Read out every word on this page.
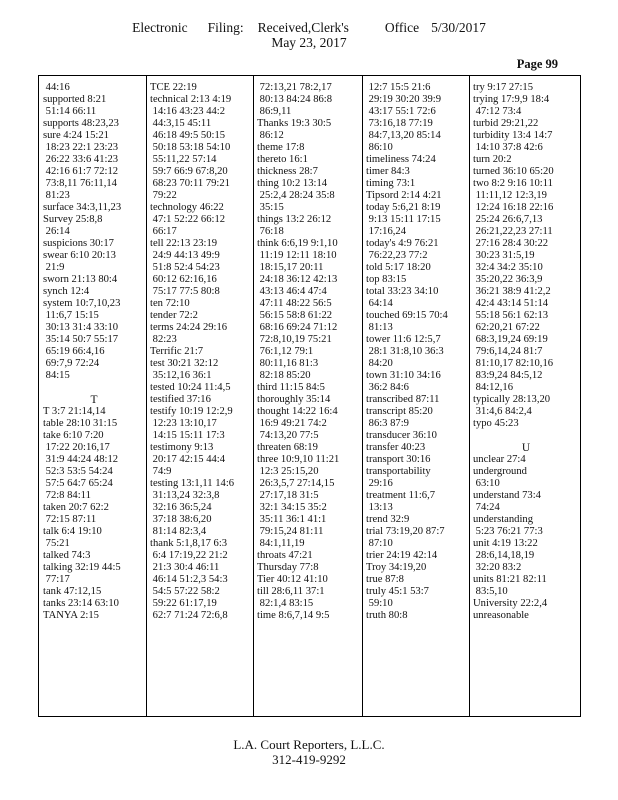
Electronic Filing: Received,Clerk's	Office 5/30/2017
May 23, 2017
Page 99
44:16
supported 8:21
51:14 66:11
supports 48:23,23
sure 4:24 15:21
18:23 22:1 23:23
26:22 33:6 41:23
42:16 61:7 72:12
73:8,11 76:11,14
81:23
surface 34:3,11,23
Survey 25:8,8
26:14
suspicions 30:17
swear 6:10 20:13
21:9
sworn 21:13 80:4
synch 12:4
system 10:7,10,23
11:6,7 15:15
30:13 31:4 33:10
35:14 50:7 55:17
65:19 66:4,16
69:7,9 72:24
84:15
T
T 3:7 21:14,14
table 28:10 31:15
take 6:10 7:20
17:22 20:16,17
31:9 44:24 48:12
52:3 53:5 54:24
57:5 64:7 65:24
72:8 84:11
taken 20:7 62:2
72:15 87:11
talk 6:4 19:10
75:21
talked 74:3
talking 32:19 44:5
77:17
tank 47:12,15
tanks 23:14 63:10
TANYA 2:15
TCE 22:19
technical 2:13 4:19
14:16 43:23 44:2
44:3,15 45:11
46:18 49:5 50:15
50:18 53:18 54:10
55:11,22 57:14
59:7 66:9 67:8,20
68:23 70:11 79:21
79:22
technology 46:22
47:1 52:22 66:12
66:17
tell 22:13 23:19
24:9 44:13 49:9
51:8 52:4 54:23
60:12 62:16,16
75:17 77:5 80:8
ten 72:10
tender 72:2
terms 24:24 29:16
82:23
Terrific 21:7
test 30:21 32:12
35:12,16 36:1
tested 10:24 11:4,5
testified 37:16
testify 10:19 12:2,9
12:23 13:10,17
14:15 15:11 17:3
testimony 9:13
20:17 42:15 44:4
74:9
testing 13:1,11 14:6
31:13,24 32:3,8
32:16 36:5,24
37:18 38:6,20
81:14 82:3,4
thank 5:1,8,17 6:3
6:4 17:19,22 21:2
21:3 30:4 46:11
46:14 51:2,3 54:3
54:5 57:22 58:2
59:22 61:17,19
62:7 71:24 72:6,8
72:13,21 78:2,17
80:13 84:24 86:8
86:9,11
Thanks 19:3 30:5
86:12
theme 17:8
thereto 16:1
thickness 28:7
thing 10:2 13:14
25:2,4 28:24 35:8
35:15
things 13:2 26:12
76:18
think 6:6,19 9:1,10
11:19 12:11 18:10
18:15,17 20:11
24:18 36:12 42:13
43:13 46:4 47:4
47:11 48:22 56:5
56:15 58:8 61:22
68:16 69:24 71:12
72:8,10,19 75:21
76:1,12 79:1
80:11,16 81:3
82:18 85:20
third 11:15 84:5
thoroughly 35:14
thought 14:22 16:4
16:9 49:21 74:2
74:13,20 77:5
threaten 68:19
three 10:9,10 11:21
12:3 25:15,20
26:3,5,7 27:14,15
27:17,18 31:5
32:1 34:15 35:2
35:11 36:1 41:1
79:15,24 81:11
84:1,11,19
throats 47:21
Thursday 77:8
Tier 40:12 41:10
till 28:6,11 37:1
82:1,4 83:15
time 8:6,7,14 9:5
12:7 15:5 21:6
29:19 30:20 39:9
43:17 55:1 72:6
73:16,18 77:19
84:7,13,20 85:14
86:10
timeliness 74:24
timer 84:3
timing 73:1
Tipsord 2:14 4:21
today 5:6,21 8:19
9:13 15:11 17:15
17:16,24
today's 4:9 76:21
76:22,23 77:2
told 5:17 18:20
top 83:15
total 33:23 34:10
64:14
touched 69:15 70:4
81:13
tower 11:6 12:5,7
28:1 31:8,10 36:3
84:20
town 31:10 34:16
36:2 84:6
transcribed 87:11
transcript 85:20
86:3 87:9
transducer 36:10
transfer 40:23
transport 30:16
transportability
29:16
treatment 11:6,7
13:13
trend 32:9
trial 73:19,20 87:7
87:10
trier 24:19 42:14
Troy 34:19,20
true 87:8
truly 45:1 53:7
59:10
truth 80:8
try 9:17 27:15
trying 17:9,9 18:4
47:12 73:4
turbid 29:21,22
turbidity 13:4 14:7
14:10 37:8 42:6
turn 20:2
turned 36:10 65:20
two 8:2 9:16 10:11
11:11,12 12:3,19
12:24 16:18 22:16
25:24 26:6,7,13
26:21,22,23 27:11
27:16 28:4 30:22
30:23 31:5,19
32:4 34:2 35:10
35:20,22 36:3,9
36:21 38:9 41:2,2
42:4 43:14 51:14
55:18 56:1 62:13
62:20,21 67:22
68:3,19,24 69:19
79:6,14,24 81:7
81:10,17 82:10,16
83:9,24 84:5,12
84:12,16
typically 28:13,20
31:4,6 84:2,4
typo 45:23
U
unclear 27:4
underground
63:10
understand 73:4
74:24
understanding
5:23 76:21 77:3
unit 4:19 13:22
28:6,14,18,19
32:20 83:2
units 81:21 82:11
83:5,10
University 22:2,4
unreasonable
L.A. Court Reporters, L.L.C.
312-419-9292
